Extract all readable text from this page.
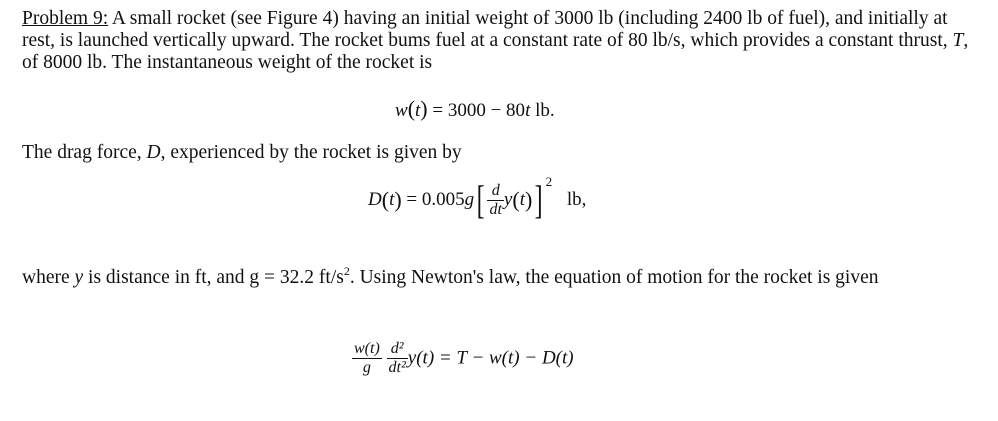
Problem 9: A small rocket (see Figure 4) having an initial weight of 3000 lb (including 2400 lb of fuel), and initially at rest, is launched vertically upward. The rocket bums fuel at a constant rate of 80 lb/s, which provides a constant thrust, T, of 8000 lb. The instantaneous weight of the rocket is

w(t) = 3000 − 80t lb.

The drag force, D, experienced by the rocket is given by

$D(t) = 0.005g[ \frac{d}{dt} y(t)]$ $^2$ lb,

where y is distance in ft, and g = 32.2 $ft/s^2$. Using Newton's law, the equation of motion for the rocket is given

$\frac{w(t)}{g}$
$\frac{\text{d²}}{\text{dt²}} y(t) = T - w(t) - D(t)$
